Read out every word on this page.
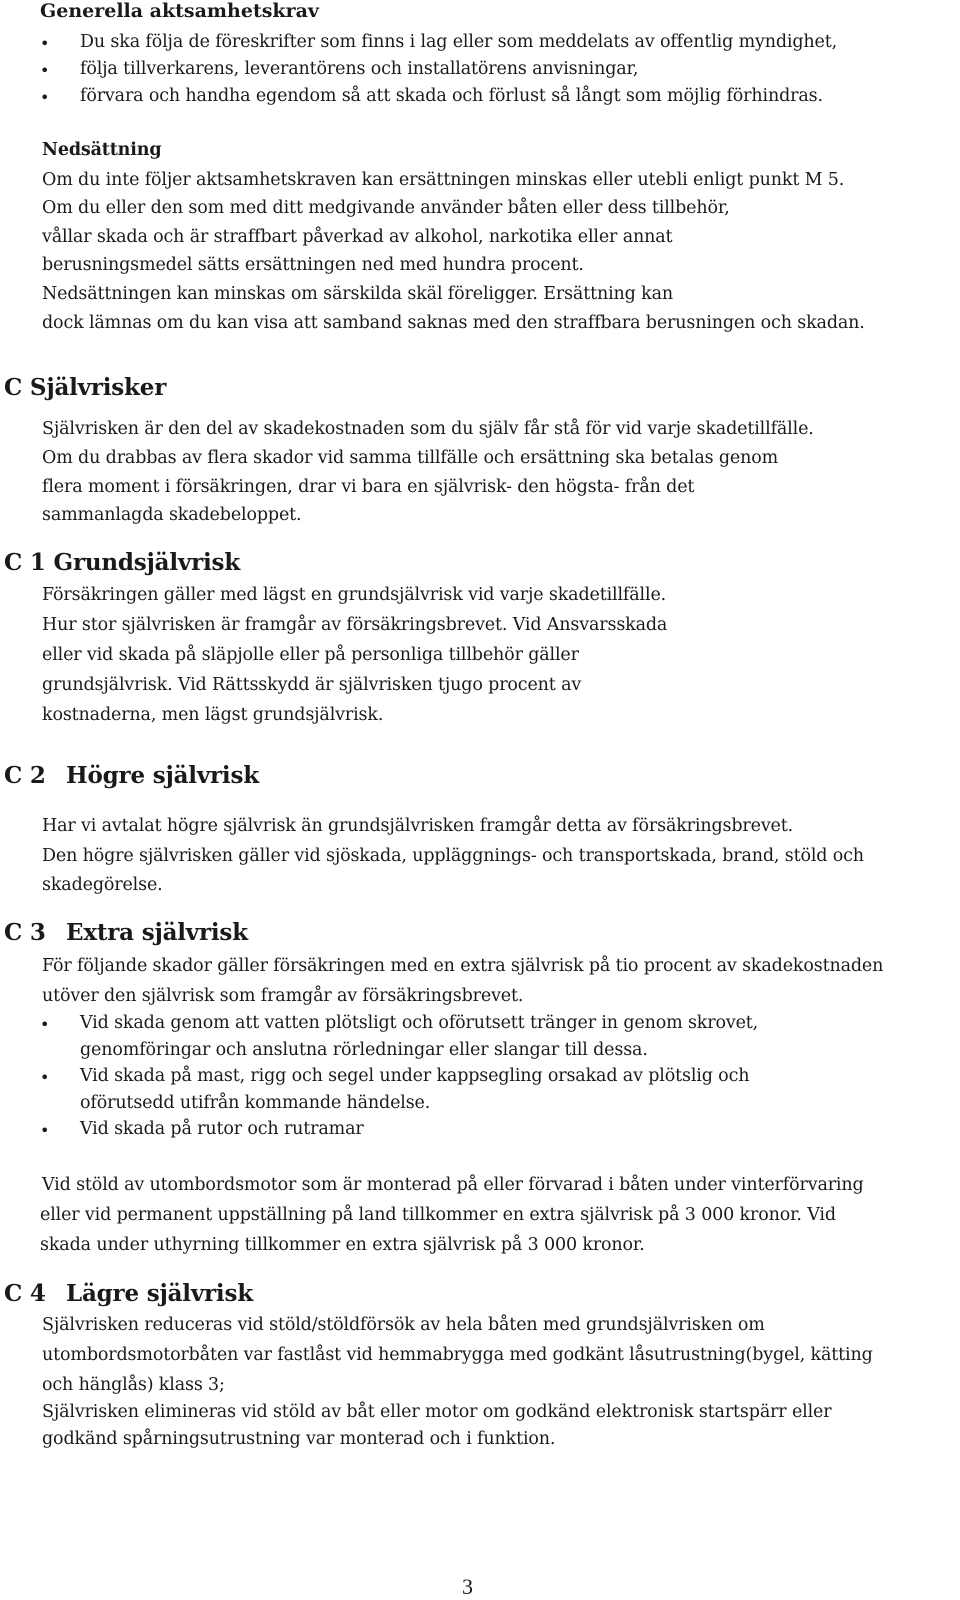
Generella aktsamhetskrav
• Du ska följa de föreskrifter som finns i lag eller som meddelats av offentlig myndighet,
• följa tillverkarens, leverantörens och installatörens anvisningar,
• förvara och handha egendom så att skada och förlust så långt som möjlig förhindras.
Nedsättning
Om du inte följer aktsamhetskraven kan ersättningen minskas eller utebli enligt punkt M 5.
Om du eller den som med ditt medgivande använder båten eller dess tillbehör,
vållar skada och är straffbart påverkad av alkohol, narkotika eller annat
berusningsmedel sätts ersättningen ned med hundra procent.
Nedsättningen kan minskas om särskilda skäl föreligger. Ersättning kan
dock lämnas om du kan visa att samband saknas med den straffbara berusningen och skadan.
C Självrisker
Självrisken är den del av skadekostnaden som du själv får stå för vid varje skadetillfälle.
Om du drabbas av flera skador vid samma tillfälle och ersättning ska betalas genom
flera moment i försäkringen, drar vi bara en självrisk- den högsta- från det
sammanlagda skadebeloppet.
C 1 Grundsjälvrisk
Försäkringen gäller med lägst en grundsjälvrisk vid varje skadetillfälle.
Hur stor självrisken är framgår av försäkringsbrevet. Vid Ansvarsskada
eller vid skada på släpjolle eller på personliga tillbehör gäller
grundsjälvrisk. Vid Rättsskydd är självrisken tjugo procent av
kostnaderna, men lägst grundsjälvrisk.
C 2 Högre självrisk
Har vi avtalat högre självrisk än grundsjälvrisken framgår detta av försäkringsbrevet.
Den högre självrisken gäller vid sjöskada, uppläggnings- och transportskada, brand, stöld och
skadegörelse.
C 3 Extra självrisk
För följande skador gäller försäkringen med en extra självrisk på tio procent av skadekostnaden
utöver den självrisk som framgår av försäkringsbrevet.
• Vid skada genom att vatten plötsligt och oförutsett tränger in genom skrovet,
genomföringar och anslutna rörledningar eller slangar till dessa.
• Vid skada på mast, rigg och segel under kappsegling orsakad av plötslig och
oförutsedd utifrån kommande händelse.
• Vid skada på rutor och rutramar
Vid stöld av utombordsmotor som är monterad på eller förvarad i båten under vinterförvaring
eller vid permanent uppställning på land tillkommer en extra självrisk på 3 000 kronor. Vid
skada under uthyrning tillkommer en extra självrisk på 3 000 kronor.
C 4 Lägre självrisk
Självrisken reduceras vid stöld/stöldförsök av hela båten med grundsjälvrisken om
utombordsmotorbåten var fastlåst vid hemmabrygga med godkänt låsutrustning(bygel, kätting
och hänglås) klass 3;
Självrisken elimineras vid stöld av båt eller motor om godkänd elektronisk startspärr eller
godkänd spårningsutrustning var monterad och i funktion.
3
